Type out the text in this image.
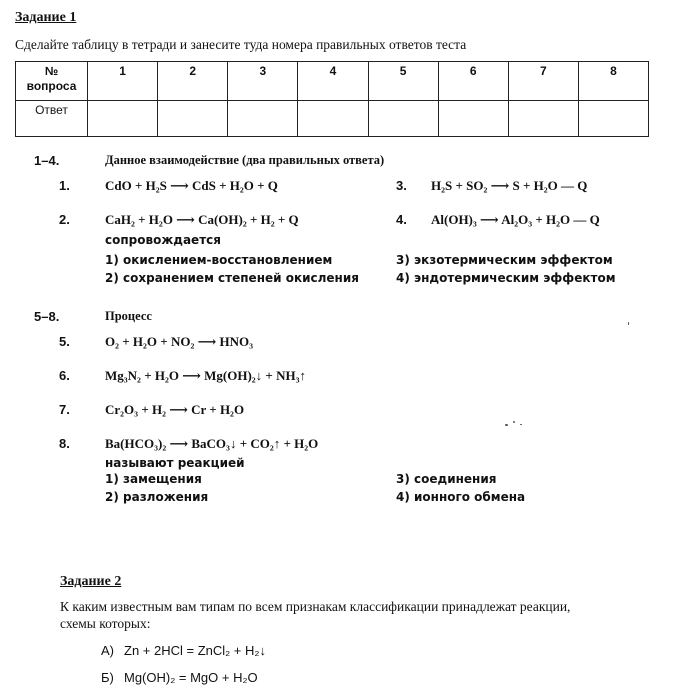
Задание 1
Сделайте таблицу в тетради и занесите туда номера правильных ответов теста
№
вопроса	1	2	3	4	5	6	7	8
Ответ								
1–4.	Данное взаимодействие (два правильных ответа)
1.	CdO + H₂S ⟶ CdS + H₂O + Q	3. H₂S + SO₂ ⟶ S + H₂O — Q
2.	CaH₂ + H₂O ⟶ Ca(OH)₂ + H₂ + Q	4. Al(OH)₃ ⟶ Al₂O₃ + H₂O — Q
сопровождается
1) окислением-восстановлением
2) сохранением степеней окисления
3) экзотермическим эффектом
4) эндотермическим эффектом
5–8.	Процесс
5.	O₂ + H₂O + NO₂ ⟶ HNO₃
6.	Mg₃N₂ + H₂O ⟶ Mg(OH)₂↓ + NH₃↑
7.	Cr₂O₃ + H₂ ⟶ Cr + H₂O
8.	Ba(HCO₃)₂ ⟶ BaCO₃↓ + CO₂↑ + H₂O
называют реакцией
1) замещения
2) разложения
3) соединения
4) ионного обмена
Задание 2
К каким известным вам типам по всем признакам классификации принадлежат реакции,
схемы которых:
А) Zn + 2HCl = ZnCl₂ + H₂↓
Б) Mg(OH)₂ = MgO + H₂O
